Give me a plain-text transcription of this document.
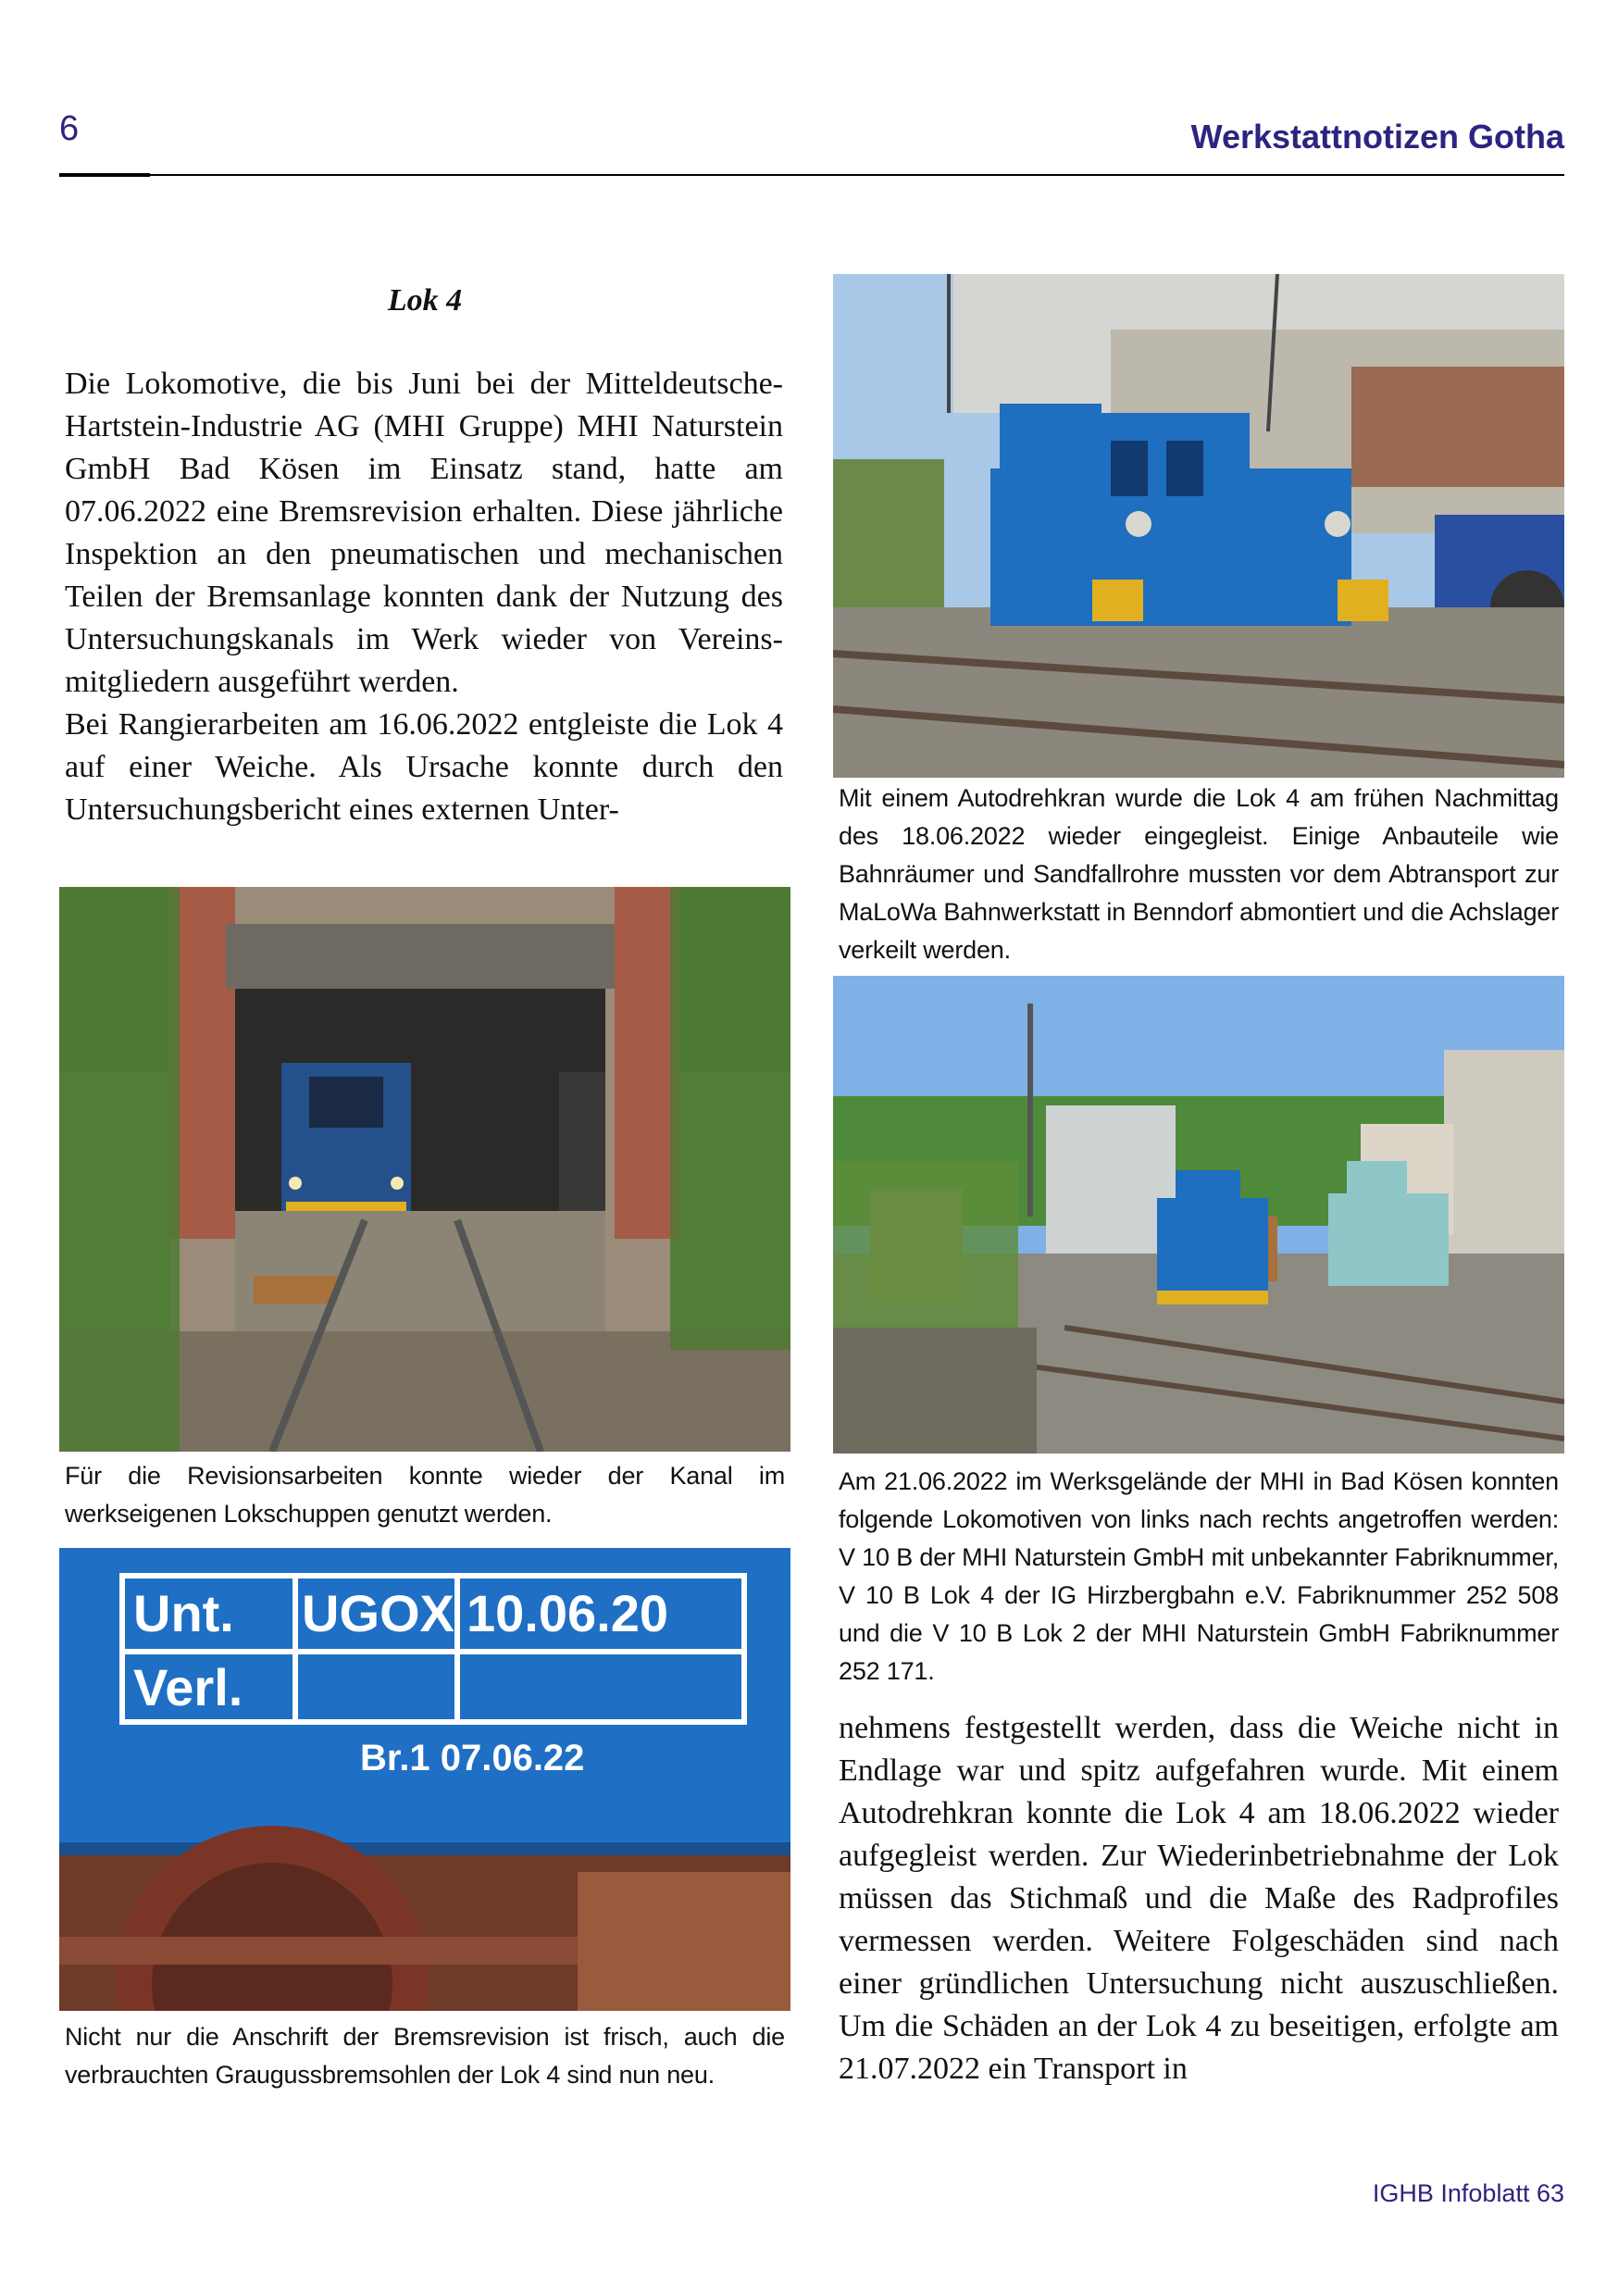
6	Werkstattnotizen Gotha
Lok 4

Die Lokomotive, die bis Juni bei der Mitteldeutsche-Hartstein-Industrie AG (MHI Gruppe) MHI Naturstein GmbH Bad Kösen im Einsatz stand, hatte am 07.06.2022 eine Bremsrevision erhalten. Diese jährliche Inspektion an den pneumatischen und mechanischen Teilen der Bremsanlage konnten dank der Nutzung des Untersuchungskanals im Werk wieder von Vereinsmitgliedern ausgeführt werden.

Bei Rangierarbeiten am 16.06.2022 entgleiste die Lok 4 auf einer Weiche. Als Ursache konnte durch den Untersuchungsbericht eines externen Unter-

Für die Revisionsarbeiten konnte wieder der Kanal im werkseigenen Lokschuppen genutzt werden.
Unt. UGOX 10.06.20
Verl.
Br.1 07.06.22
Nicht nur die Anschrift der Bremsrevision ist frisch, auch die verbrauchten Graugussbremsohlen der Lok 4 sind nun neu.
Mit einem Autodrehkran wurde die Lok 4 am frühen Nachmittag des 18.06.2022 wieder eingegleist. Einige Anbauteile wie Bahnräumer und Sandfallrohre mussten vor dem Abtransport zur MaLoWa Bahnwerkstatt in Benndorf abmontiert und die Achslager verkeilt werden.
Am 21.06.2022 im Werksgelände der MHI in Bad Kösen konnten folgende Lokomotiven von links nach rechts angetroffen werden: V 10 B der MHI Naturstein GmbH mit unbekannter Fabriknummer, V 10 B Lok 4 der IG Hirzbergbahn e.V. Fabriknummer 252 508 und die V 10 B Lok 2 der MHI Naturstein GmbH Fabriknummer 252 171.
nehmens festgestellt werden, dass die Weiche nicht in Endlage war und spitz aufgefahren wurde. Mit einem Autodrehkran konnte die Lok 4 am 18.06.2022 wieder aufgegleist werden. Zur Wiederinbetriebnahme der Lok müssen das Stichmaß und die Maße des Radprofiles vermessen werden. Weitere Folgeschäden sind nach einer gründlichen Untersuchung nicht auszuschließen. Um die Schäden an der Lok 4 zu beseitigen, erfolgte am 21.07.2022 ein Transport in
IGHB Infoblatt 63
